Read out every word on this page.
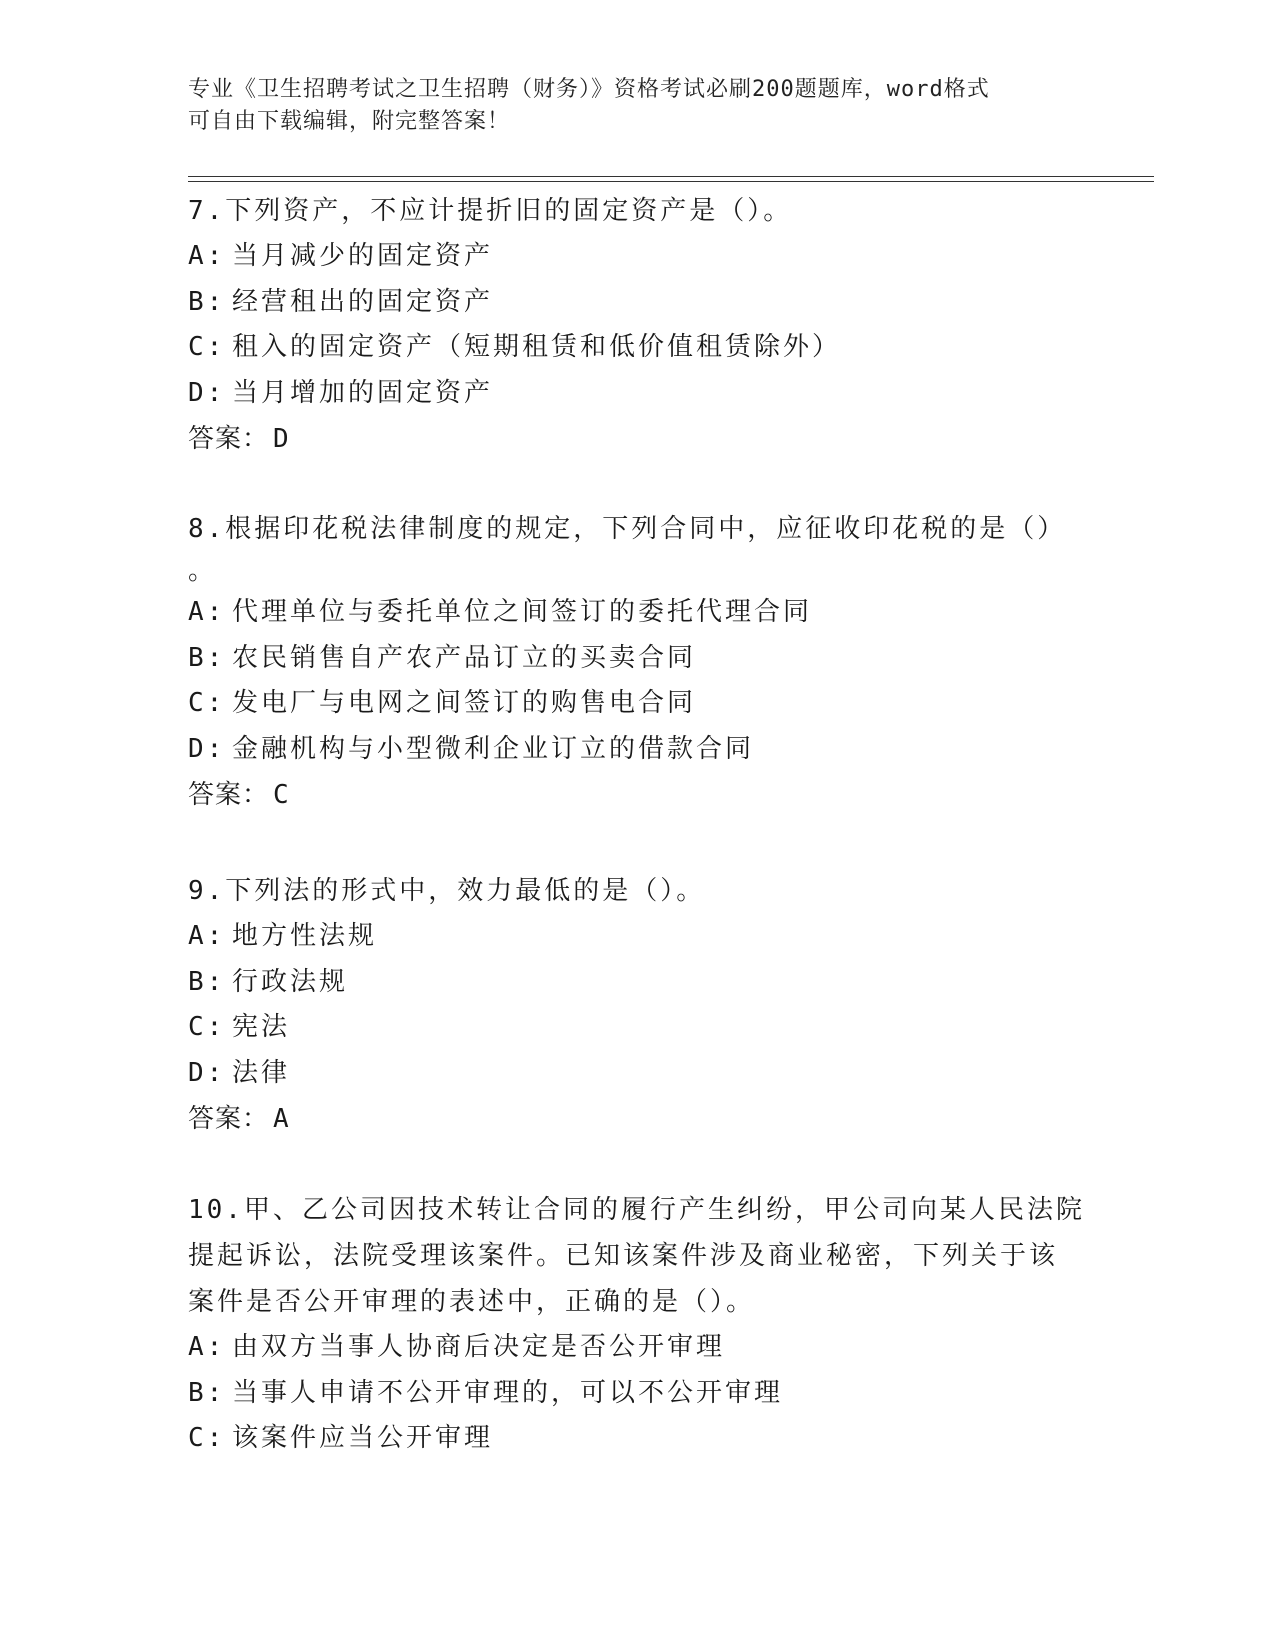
专业《卫生招聘考试之卫生招聘（财务）》资格考试必刷200题题库，word格式
可自由下载编辑，附完整答案！
7.下列资产，不应计提折旧的固定资产是（）。
A: 当月减少的固定资产
B: 经营租出的固定资产
C: 租入的固定资产（短期租赁和低价值租赁除外）
D: 当月增加的固定资产
答案： D
8.根据印花税法律制度的规定，下列合同中，应征收印花税的是（）
。
A: 代理单位与委托单位之间签订的委托代理合同
B: 农民销售自产农产品订立的买卖合同
C: 发电厂与电网之间签订的购售电合同
D: 金融机构与小型微利企业订立的借款合同
答案： C
9.下列法的形式中，效力最低的是（）。
A: 地方性法规
B: 行政法规
C: 宪法
D: 法律
答案： A
10.甲、乙公司因技术转让合同的履行产生纠纷，甲公司向某人民法院
提起诉讼，法院受理该案件。已知该案件涉及商业秘密，下列关于该
案件是否公开审理的表述中，正确的是（）。
A: 由双方当事人协商后决定是否公开审理
B: 当事人申请不公开审理的，可以不公开审理
C: 该案件应当公开审理
